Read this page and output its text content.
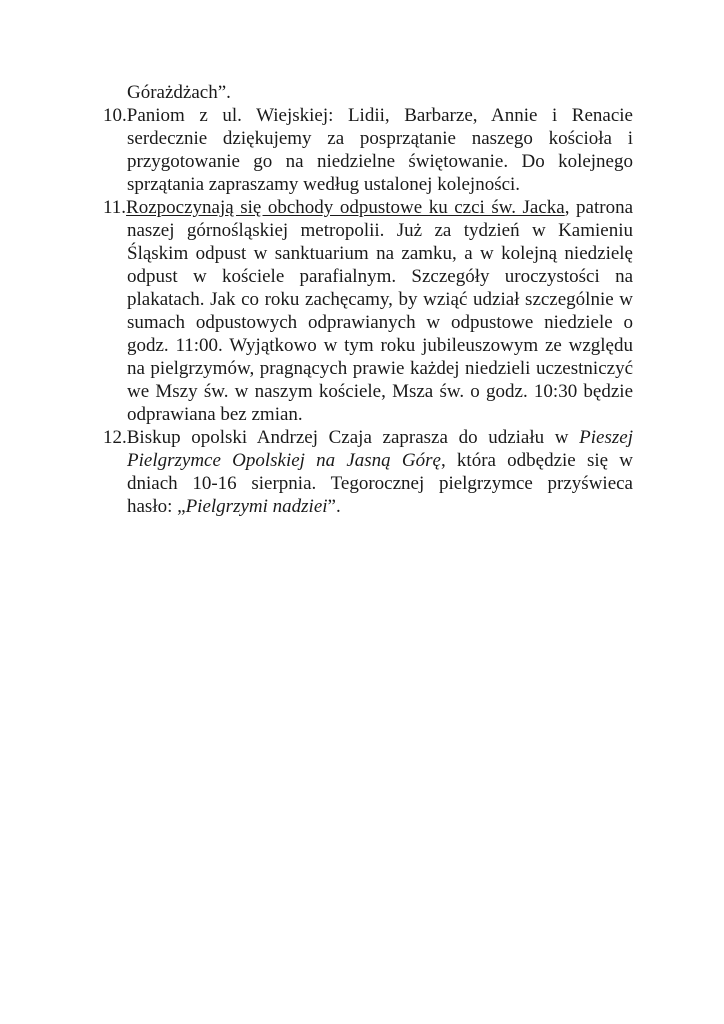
Górażdżach”.
10.Paniom z ul. Wiejskiej: Lidii, Barbarze, Annie i Renacie
serdecznie dziękujemy za posprzątanie naszego kościoła i
przygotowanie go na niedzielne świętowanie. Do kolejnego
sprzątania zapraszamy według ustalonej kolejności.
11.Rozpoczynają się obchody odpustowe ku czci św. Jacka, patrona
naszej górnośląskiej metropolii. Już za tydzień w Kamieniu
Śląskim odpust w sanktuarium na zamku, a w kolejną niedzielę
odpust w kościele parafialnym. Szczegóły uroczystości na
plakatach. Jak co roku zachęcamy, by wziąć udział szczególnie w
sumach odpustowych odprawianych w odpustowe niedziele o
godz. 11:00. Wyjątkowo w tym roku jubileuszowym ze względu
na pielgrzymów, pragnących prawie każdej niedzieli uczestniczyć
we Mszy św. w naszym kościele, Msza św. o godz. 10:30 będzie
odprawiana bez zmian.
12.Biskup opolski Andrzej Czaja zaprasza do udziału w Pieszej
Pielgrzymce Opolskiej na Jasną Górę, która odbędzie się w
dniach 10-16 sierpnia. Tegorocznej pielgrzymce przyświeca
hasło: „Pielgrzymi nadziei”.
